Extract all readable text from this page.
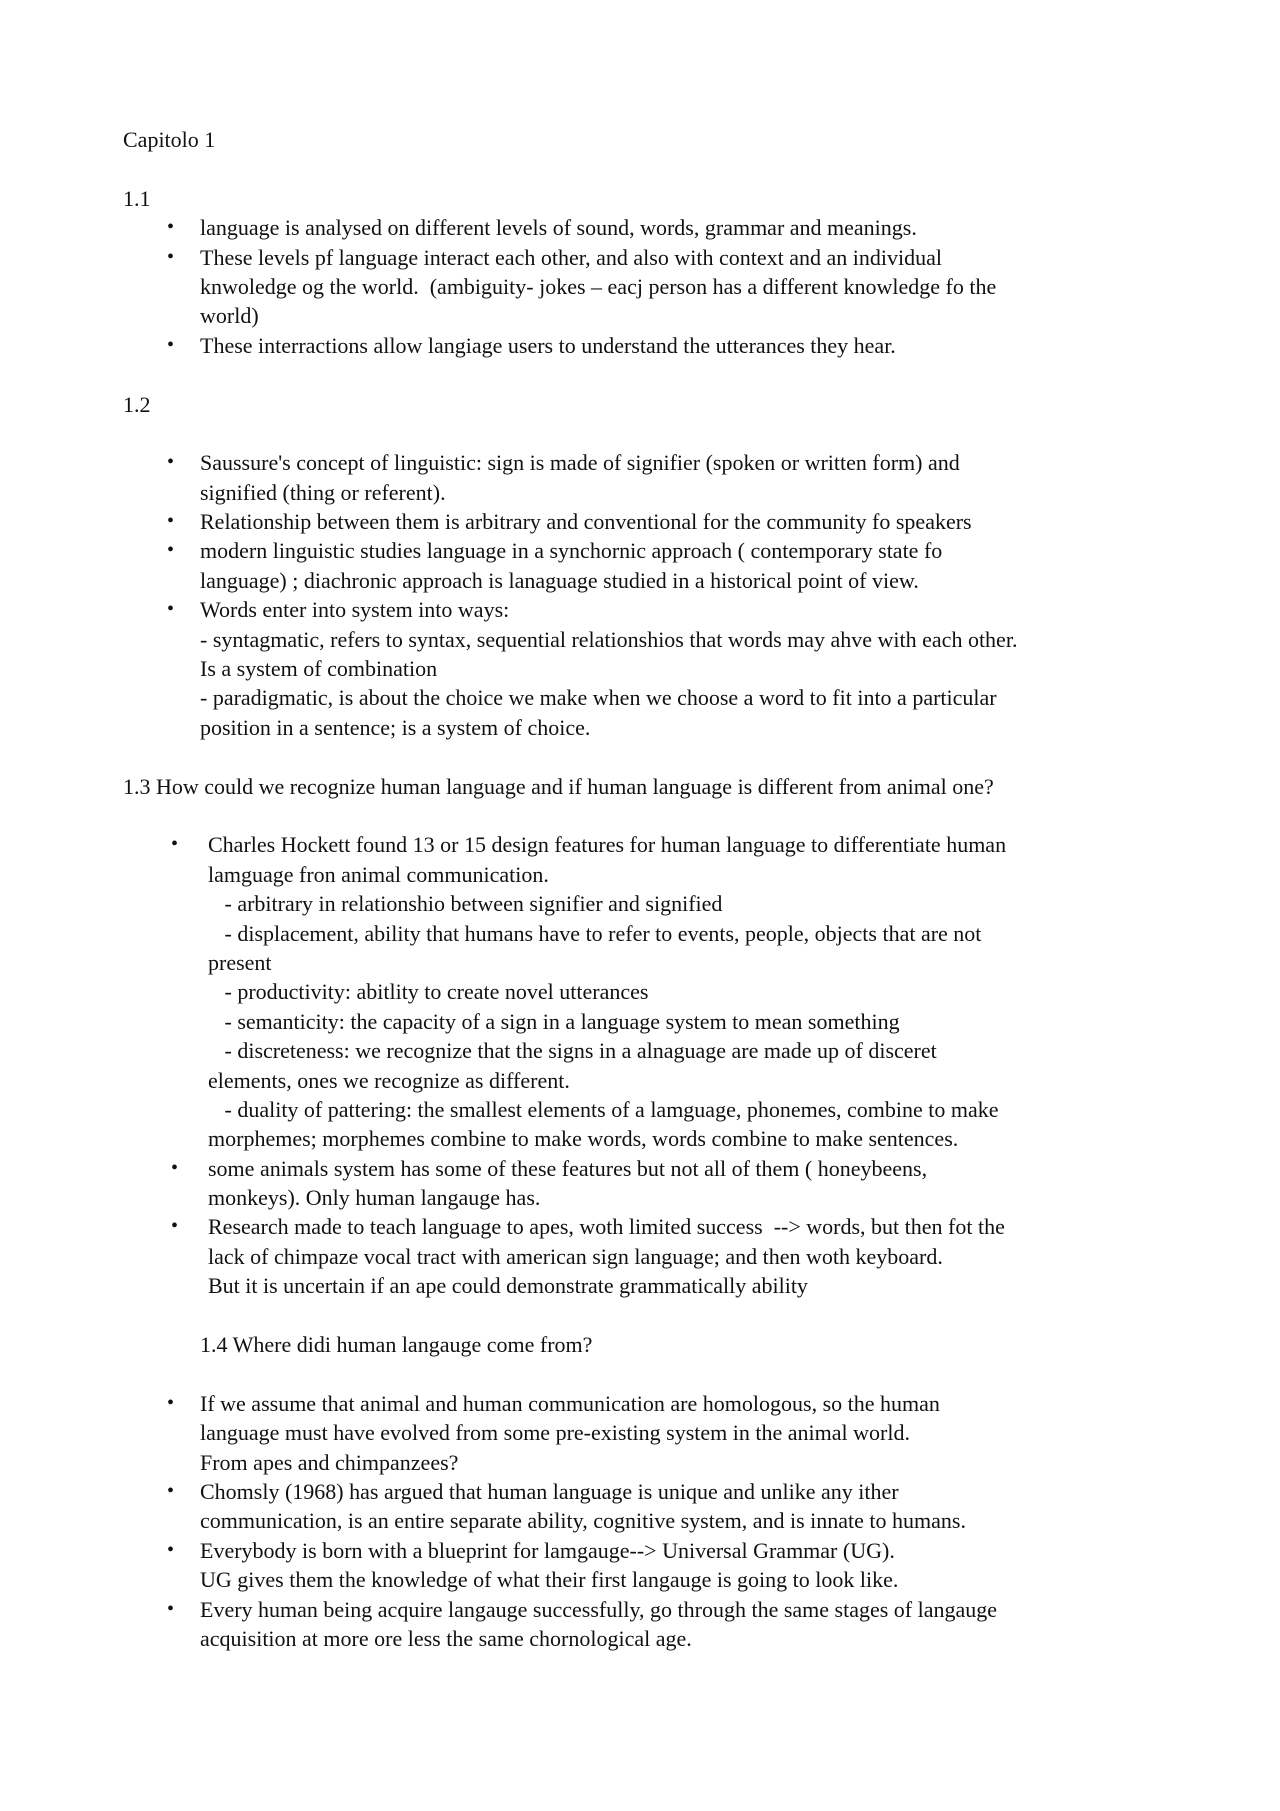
Capitolo 1
1.1
• language is analysed on different levels of sound, words, grammar and meanings.
• These levels pf language interact each other, and also with context and an individual
knwoledge og the world.  (ambiguity- jokes – eacj person has a different knowledge fo the
world)
• These interractions allow langiage users to understand the utterances they hear.
1.2
• Saussure's concept of linguistic: sign is made of signifier (spoken or written form) and
signified (thing or referent).
• Relationship between them is arbitrary and conventional for the community fo speakers
• modern linguistic studies language in a synchornic approach ( contemporary state fo
language) ; diachronic approach is lanaguage studied in a historical point of view.
• Words enter into system into ways:
- syntagmatic, refers to syntax, sequential relationshios that words may ahve with each other.
Is a system of combination
- paradigmatic, is about the choice we make when we choose a word to fit into a particular
position in a sentence; is a system of choice.
1.3 How could we recognize human language and if human language is different from animal one?
• Charles Hockett found 13 or 15 design features for human language to differentiate human
lamguage fron animal communication.
- arbitrary in relationshio between signifier and signified
- displacement, ability that humans have to refer to events, people, objects that are not
present
- productivity: abitlity to create novel utterances
- semanticity: the capacity of a sign in a language system to mean something
- discreteness: we recognize that the signs in a alnaguage are made up of disceret
elements, ones we recognize as different.
- duality of pattering: the smallest elements of a lamguage, phonemes, combine to make
morphemes; morphemes combine to make words, words combine to make sentences.
• some animals system has some of these features but not all of them ( honeybeens,
monkeys). Only human langauge has.
• Research made to teach language to apes, woth limited success  --> words, but then fot the
lack of chimpaze vocal tract with american sign language; and then woth keyboard.
But it is uncertain if an ape could demonstrate grammatically ability
1.4 Where didi human langauge come from?
• If we assume that animal and human communication are homologous, so the human
language must have evolved from some pre-existing system in the animal world.
From apes and chimpanzees?
• Chomsly (1968) has argued that human language is unique and unlike any ither
communication, is an entire separate ability, cognitive system, and is innate to humans.
• Everybody is born with a blueprint for lamgauge--> Universal Grammar (UG).
UG gives them the knowledge of what their first langauge is going to look like.
• Every human being acquire langauge successfully, go through the same stages of langauge
acquisition at more ore less the same chornological age.
